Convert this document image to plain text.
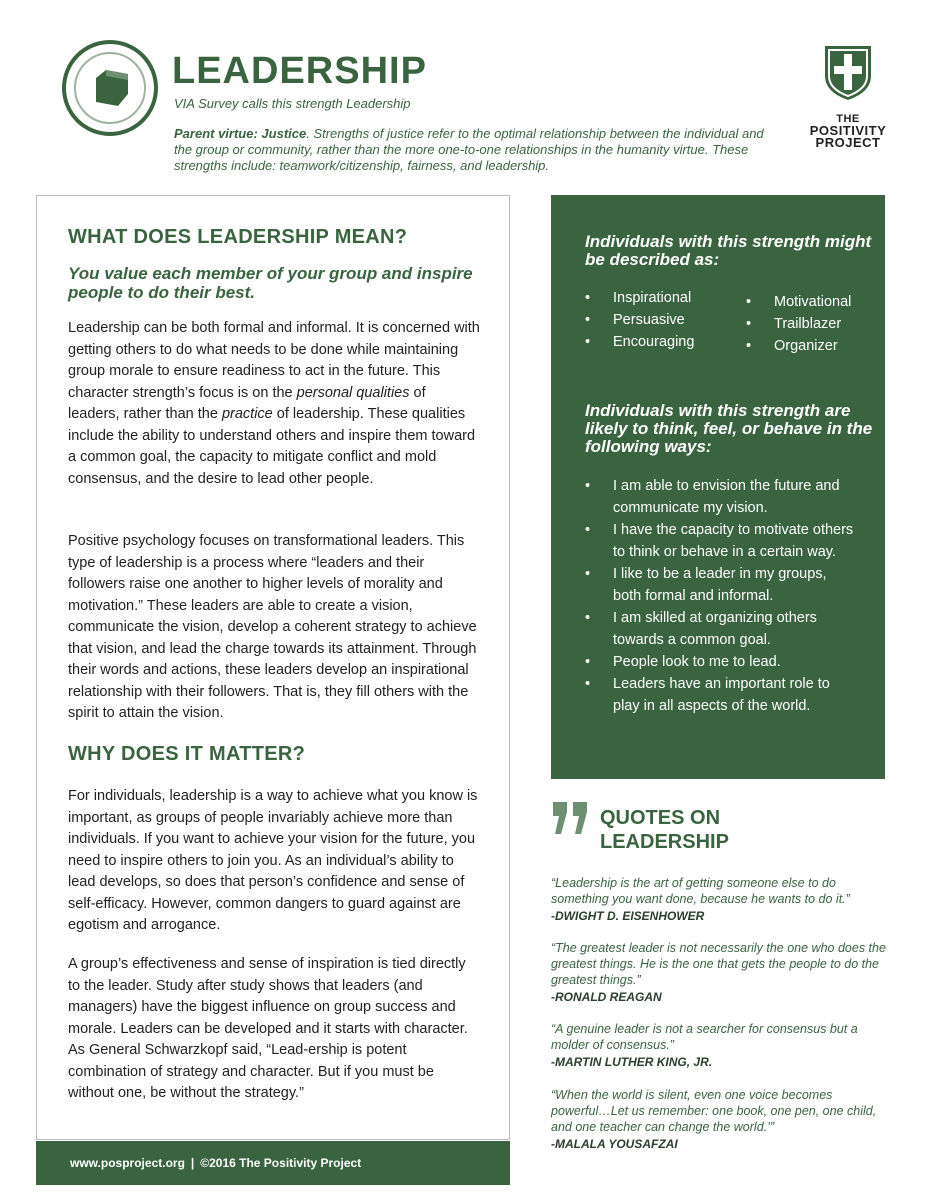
LEADERSHIP
VIA Survey calls this strength Leadership
Parent virtue: Justice. Strengths of justice refer to the optimal relationship between the individual and the group or community, rather than the more one-to-one relationships in the humanity virtue. These strengths include: teamwork/citizenship, fairness, and leadership.
THE
POSITIVITY
PROJECT
WHAT DOES LEADERSHIP MEAN?

You value each member of your group and inspire people to do their best.

Leadership can be both formal and informal. It is concerned with getting others to do what needs to be done while maintaining group morale to ensure readiness to act in the future. This character strength’s focus is on the personal qualities of leaders, rather than the practice of leadership. These qualities include the ability to understand others and inspire them toward a common goal, the capacity to mitigate conflict and mold consensus, and the desire to lead other people.

Positive psychology focuses on transformational leaders. This type of leadership is a process where “leaders and their followers raise one another to higher levels of morality and motivation.” These leaders are able to create a vision, communicate the vision, develop a coherent strategy to achieve that vision, and lead the charge towards its attainment. Through their words and actions, these leaders develop an inspirational relationship with their followers. That is, they fill others with the spirit to attain the vision.

WHY DOES IT MATTER?

For individuals, leadership is a way to achieve what you know is important, as groups of people invariably achieve more than individuals. If you want to achieve your vision for the future, you need to inspire others to join you. As an individual’s ability to lead develops, so does that person’s confidence and sense of self-efficacy. However, common dangers to guard against are egotism and arrogance.

A group’s effectiveness and sense of inspiration is tied directly to the leader. Study after study shows that leaders (and managers) have the biggest influence on group success and morale. Leaders can be developed and it starts with character. As General Schwarzkopf said, “Lead-ership is potent combination of strategy and character. But if you must be without one, be without the strategy.”

www.posproject.org | ©2016 The Positivity Project
Individuals with this strength might be described as:
• Inspirational
• Persuasive
• Encouraging
• Motivational
• Trailblazer
• Organizer
Individuals with this strength are likely to think, feel, or behave in the following ways:
• I am able to envision the future and communicate my vision.
• I have the capacity to motivate others to think or behave in a certain way.
• I like to be a leader in my groups, both formal and informal.
• I am skilled at organizing others towards a common goal.
• People look to me to lead.
• Leaders have an important role to play in all aspects of the world.
QUOTES ON
LEADERSHIP

“Leadership is the art of getting someone else to do something you want done, because he wants to do it.”
-DWIGHT D. EISENHOWER

“The greatest leader is not necessarily the one who does the greatest things. He is the one that gets the people to do the greatest things.”
-RONALD REAGAN

“A genuine leader is not a searcher for consensus but a molder of consensus.”
-MARTIN LUTHER KING, JR.

“When the world is silent, even one voice becomes powerful…Let us remember: one book, one pen, one child, and one teacher can change the world.’”
-MALALA YOUSAFZAI
